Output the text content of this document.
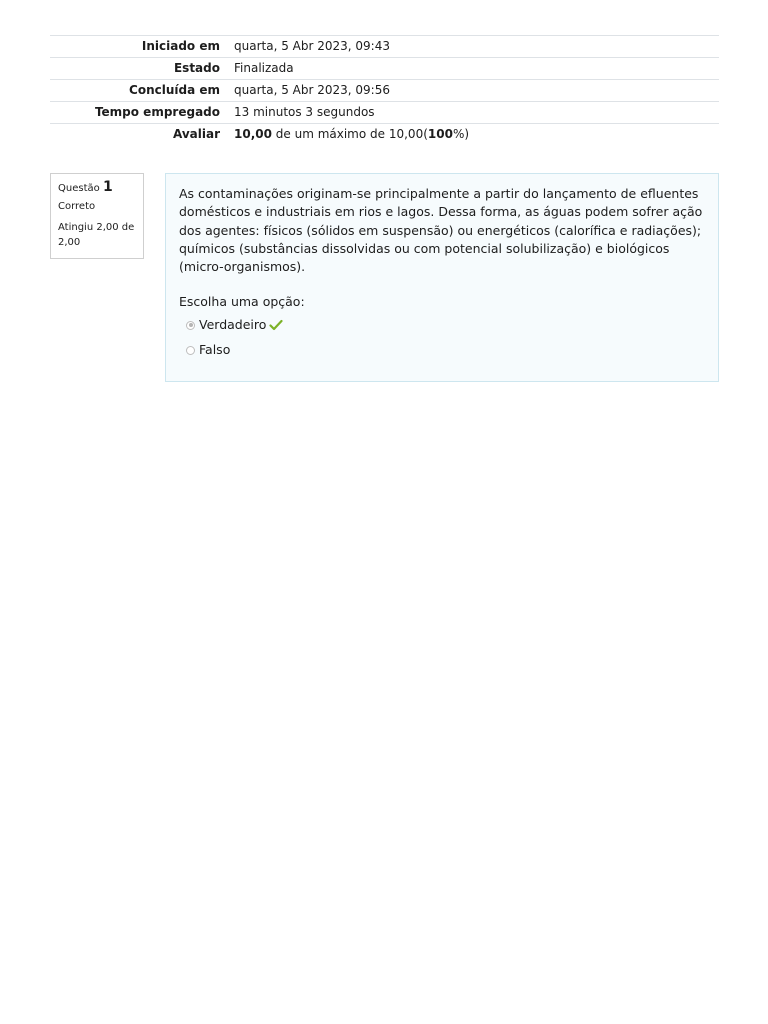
Iniciado em	quarta, 5 Abr 2023, 09:43
Estado	Finalizada
Concluída em	quarta, 5 Abr 2023, 09:56
Tempo empregado	13 minutos 3 segundos
Avaliar	10,00 de um máximo de 10,00(100%)
Questão 1
Correto
Atingiu 2,00 de 2,00

As contaminações originam-se principalmente a partir do lançamento de efluentes domésticos e industriais em rios e lagos. Dessa forma, as águas podem sofrer ação dos agentes: físicos (sólidos em suspensão) ou energéticos (calorífica e radiações); químicos (substâncias dissolvidas ou com potencial solubilização) e biológicos (micro-organismos).

Escolha uma opção:

Verdadeiro
Falso
